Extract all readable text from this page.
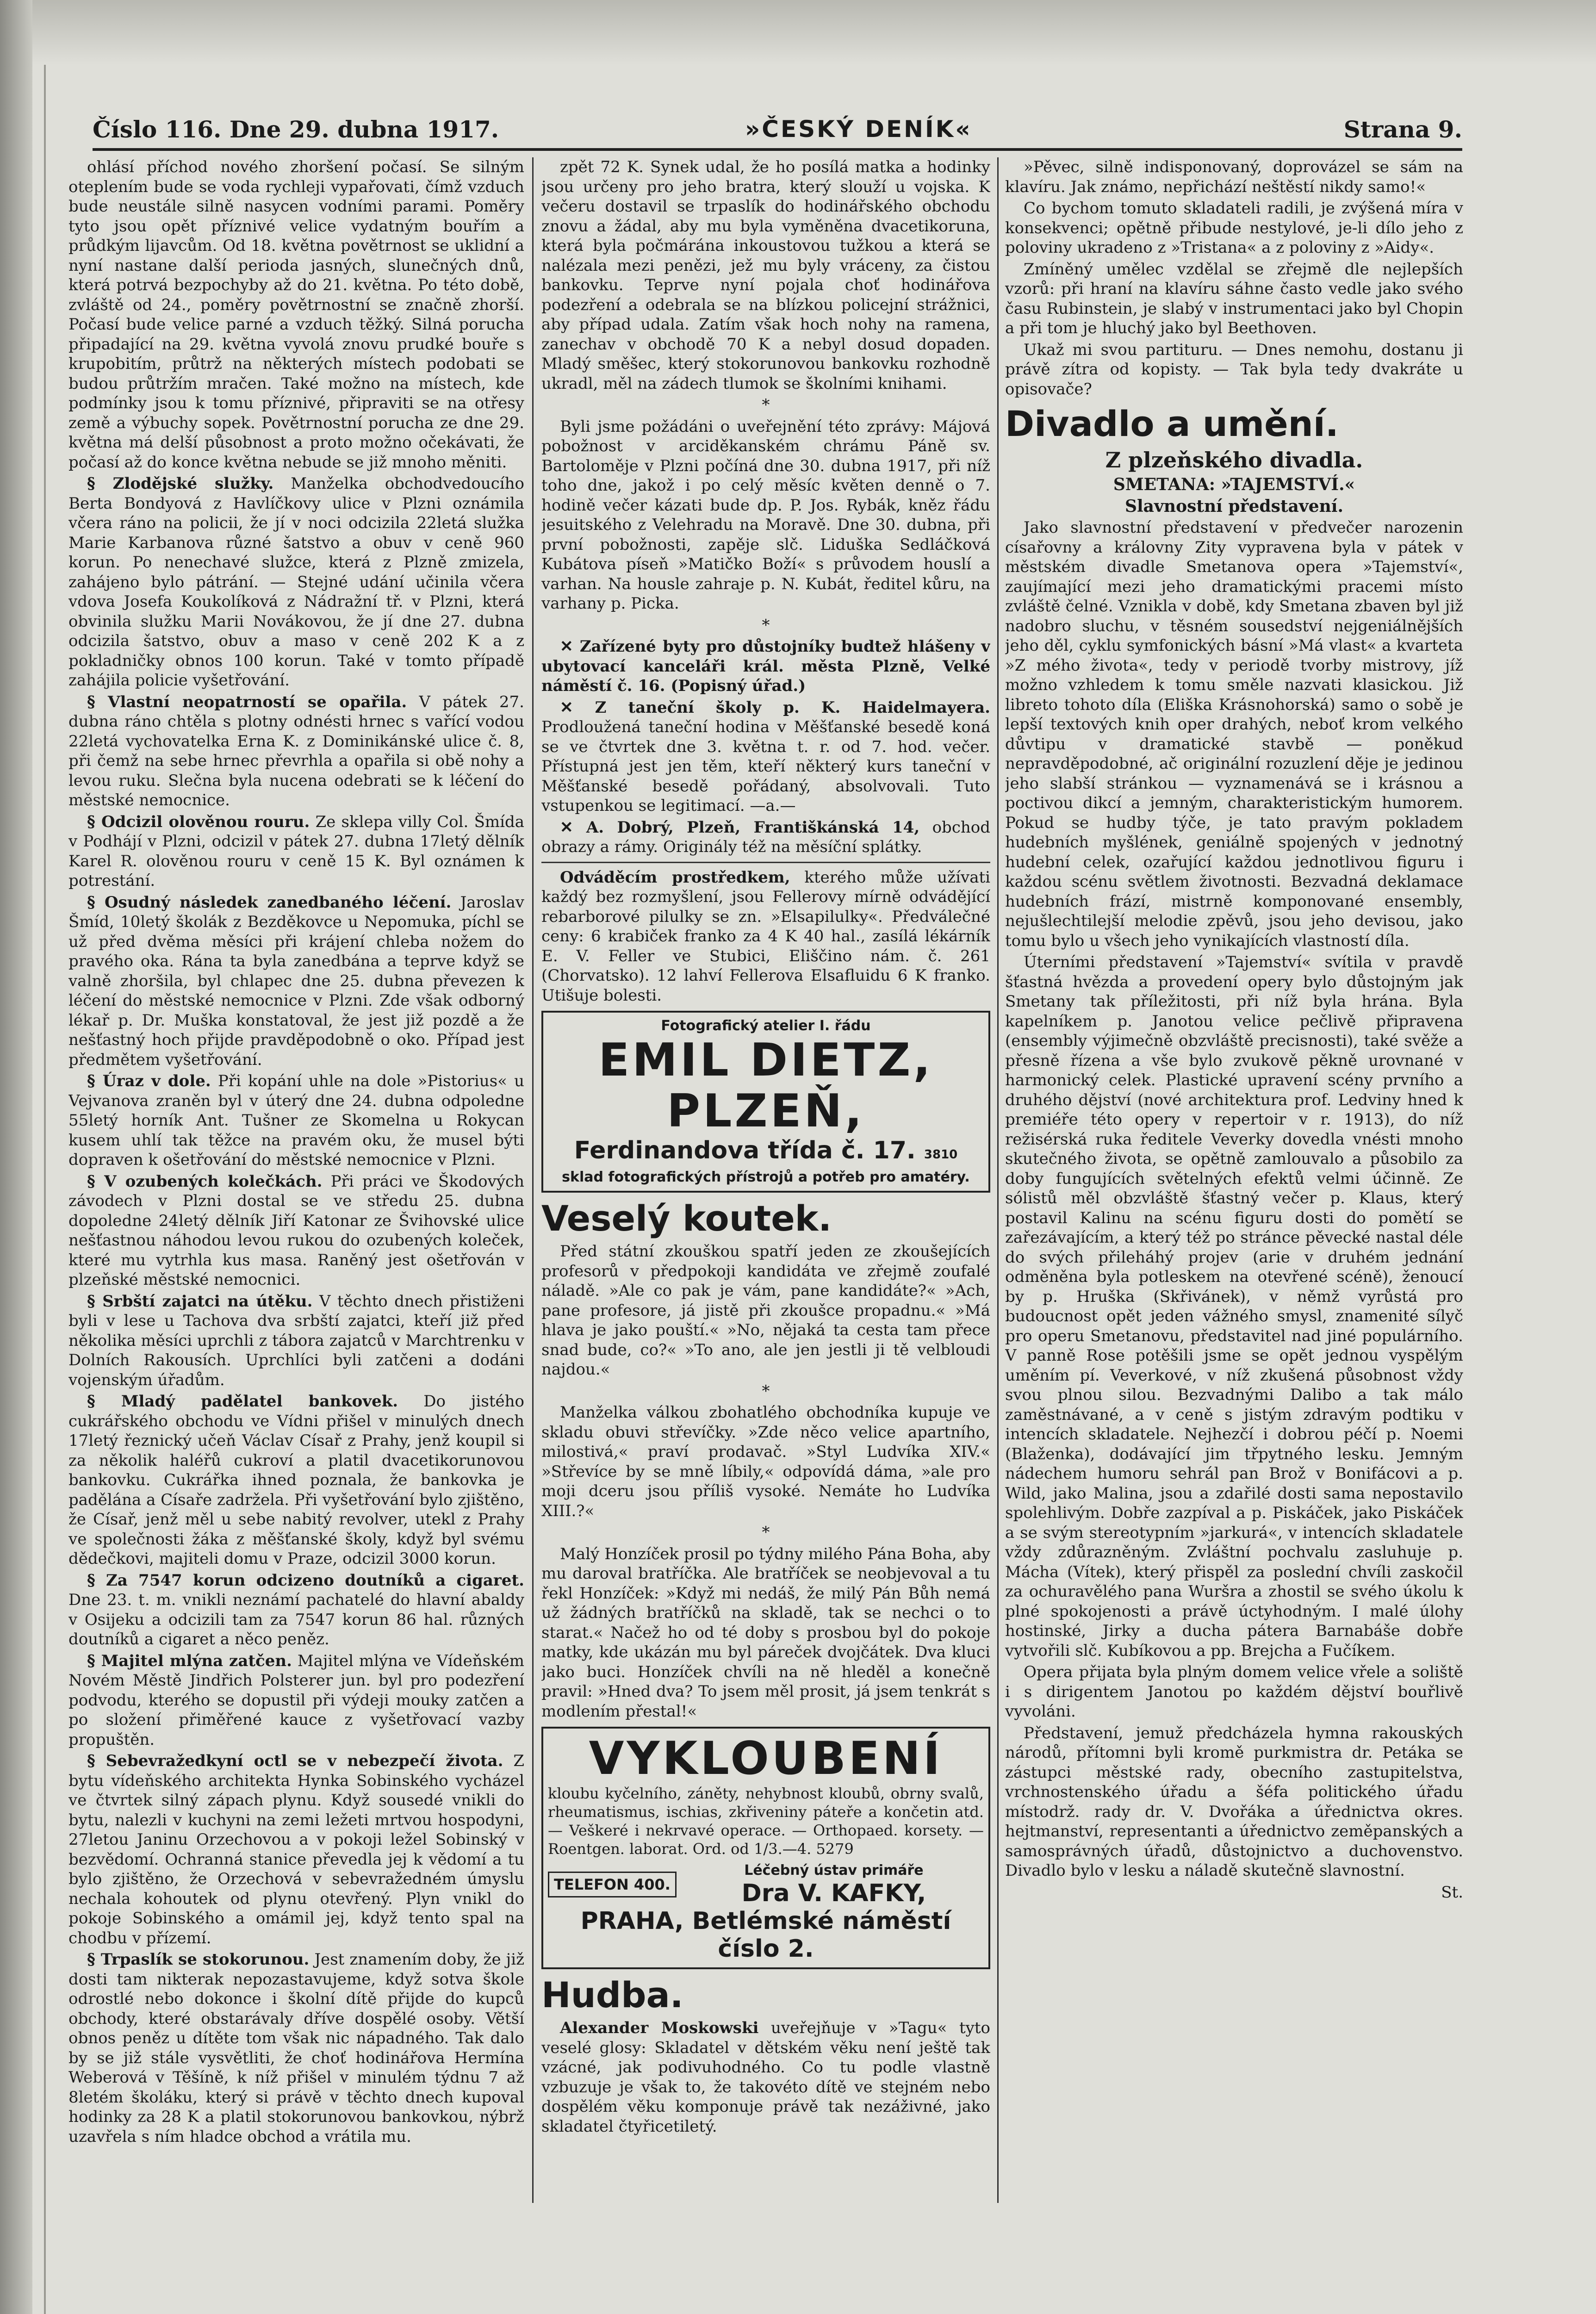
Číslo 116. Dne 29. dubna 1917.	»ČESKÝ DENÍK«	Strana 9.

ohlásí příchod nového zhoršení počasí. Se silným oteplením bude se voda rychleji vypařovati, čímž vzduch bude neustále silně nasycen vodními parami. Poměry tyto jsou opět příznivé velice vydatným bouřím a průdkým lijavcům. Od 18. května povětrnost se uklidní a nyní nastane další perioda jasných, slunečných dnů, která potrvá bezpochyby až do 21. května. Po této době, zvláště od 24., poměry povětrnostní se značně zhorší. Počasí bude velice parné a vzduch těžký. Silná porucha připadající na 29. května vyvolá znovu prudké bouře s krupobitím, průtrž na některých místech podobati se budou průtržím mračen. Také možno na místech, kde podmínky jsou k tomu příznivé, připraviti se na otřesy země a výbuchy sopek. Povětrnostní porucha ze dne 29. května má delší působnost a proto možno očekávati, že počasí až do konce května nebude se již mnoho měniti.

§ Zlodějské služky. Manželka obchodvedoucího Berta Bondyová z Havlíčkovy ulice v Plzni oznámila včera ráno na policii, že jí v noci odcizila 22letá služka Marie Karbanova různé šatstvo a obuv v ceně 960 korun. Po nenechavé služce, která z Plzně zmizela, zahájeno bylo pátrání. — Stejné udání učinila včera vdova Josefa Koukolíková z Nádražní tř. v Plzni, která obvinila služku Marii Novákovou, že jí dne 27. dubna odcizila šatstvo, obuv a maso v ceně 202 K a z pokladničky obnos 100 korun. Také v tomto případě zahájila policie vyšetřování.

§ Vlastní neopatrností se opařila. V pátek 27. dubna ráno chtěla s plotny odnésti hrnec s vařící vodou 22letá vychovatelka Erna K. z Dominikánské ulice č. 8, při čemž na sebe hrnec převrhla a opařila si obě nohy a levou ruku. Slečna byla nucena odebrati se k léčení do městské nemocnice.

§ Odcizil olověnou rouru. Ze sklepa villy Col. Šmída v Podhájí v Plzni, odcizil v pátek 27. dubna 17letý dělník Karel R. olověnou rouru v ceně 15 K. Byl oznámen k potrestání.

§ Osudný následek zanedbaného léčení. Jaroslav Šmíd, 10letý školák z Bezděkovce u Nepomuka, píchl se už před dvěma měsíci při krájení chleba nožem do pravého oka. Rána ta byla zanedbána a teprve když se valně zhoršila, byl chlapec dne 25. dubna převezen k léčení do městské nemocnice v Plzni. Zde však odborný lékař p. Dr. Muška konstatoval, že jest již pozdě a že nešťastný hoch přijde pravděpodobně o oko. Případ jest předmětem vyšetřování.

§ Úraz v dole. Při kopání uhle na dole »Pistorius« u Vejvanova zraněn byl v úterý dne 24. dubna odpoledne 55letý horník Ant. Tušner ze Skomelna u Rokycan kusem uhlí tak těžce na pravém oku, že musel býti dopraven k ošetřování do městské nemocnice v Plzni.

§ V ozubených kolečkách. Při práci ve Škodových závodech v Plzni dostal se ve středu 25. dubna dopoledne 24letý dělník Jiří Katonar ze Švihovské ulice nešťastnou náhodou levou rukou do ozubených koleček, které mu vytrhla kus masa. Raněný jest ošetřován v plzeňské městské nemocnici.

§ Srbští zajatci na útěku. V těchto dnech přistiženi byli v lese u Tachova dva srbští zajatci, kteří již před několika měsíci uprchli z tábora zajatců v Marchtrenku v Dolních Rakousích. Uprchlíci byli zatčeni a dodáni vojenským úřadům.

§ Mladý padělatel bankovek. Do jistého cukrářského obchodu ve Vídni přišel v minulých dnech 17letý řeznický učeň Václav Císař z Prahy, jenž koupil si za několik haléřů cukroví a platil dvacetikorunovou bankovku. Cukrářka ihned poznala, že bankovka je padělána a Císaře zadržela. Při vyšetřování bylo zjištěno, že Císař, jenž měl u sebe nabitý revolver, utekl z Prahy ve společnosti žáka z měšťanské školy, když byl svému dědečkovi, majiteli domu v Praze, odcizil 3000 korun.

§ Za 7547 korun odcizeno doutníků a cigaret. Dne 23. t. m. vnikli neznámí pachatelé do hlavní abaldy v Osijeku a odcizili tam za 7547 korun 86 hal. různých doutníků a cigaret a něco peněz.

§ Majitel mlýna zatčen. Majitel mlýna ve Vídeňském Novém Městě Jindřich Polsterer jun. byl pro podezření podvodu, kterého se dopustil při výdeji mouky zatčen a po složení přiměřené kauce z vyšetřovací vazby propuštěn.

§ Sebevražedkyní octl se v nebezpečí života. Z bytu vídeňského architekta Hynka Sobinského vycházel ve čtvrtek silný zápach plynu. Když sousedé vnikli do bytu, nalezli v kuchyni na zemi ležeti mrtvou hospodyni, 27letou Janinu Orzechovou a v pokoji ležel Sobinský v bezvědomí. Ochranná stanice převedla jej k vědomí a tu bylo zjištěno, že Orzechová v sebevražedném úmyslu nechala kohoutek od plynu otevřený. Plyn vnikl do pokoje Sobinského a omámil jej, když tento spal na chodbu v přízemí.

§ Trpaslík se stokorunou. Jest znamením doby, že již dosti tam nikterak nepozastavujeme, když sotva škole odrostlé nebo dokonce i školní dítě přijde do kupců obchody, které obstarávaly dříve dospělé osoby. Větší obnos peněz u dítěte tom však nic nápadného. Tak dalo by se již stále vysvětliti, že choť hodinářova Hermína Weberová v Těšíně, k níž přišel v minulém týdnu 7 až 8letém školáku, který si právě v těchto dnech kupoval hodinky za 28 K a platil stokorunovou bankovkou, nýbrž uzavřela s ním hladce obchod a vrátila mu.

zpět 72 K. Synek udal, že ho posílá matka a hodinky jsou určeny pro jeho bratra, který slouží u vojska. K večeru dostavil se trpaslík do hodinářského obchodu znovu a žádal, aby mu byla vyměněna dvacetikoruna, která byla počmárána inkoustovou tužkou a která se nalézala mezi penězi, jež mu byly vráceny, za čistou bankovku. Teprve nyní pojala choť hodinářova podezření a odebrala se na blízkou policejní strážnici, aby případ udala. Zatím však hoch nohy na ramena, zanechav v obchodě 70 K a nebyl dosud dopaden. Mladý směšec, který stokorunovou bankovku rozhodně ukradl, měl na zádech tlumok se školními knihami.

*

Byli jsme požádáni o uveřejnění této zprávy: Májová pobožnost v arciděkanském chrámu Páně sv. Bartoloměje v Plzni počíná dne 30. dubna 1917, při níž toho dne, jakož i po celý měsíc květen denně o 7. hodině večer kázati bude dp. P. Jos. Rybák, kněz řádu jesuitského z Velehradu na Moravě. Dne 30. dubna, při první pobožnosti, zapěje slč. Liduška Sedláčková Kubátova píseň »Matičko Boží« s průvodem houslí a varhan. Na housle zahraje p. N. Kubát, ředitel kůru, na varhany p. Picka.

*

✕ Zařízené byty pro důstojníky budtež hlášeny v ubytovací kanceláři král. města Plzně, Velké náměstí č. 16. (Popisný úřad.)

✕ Z taneční školy p. K. Haidelmayera. Prodloužená taneční hodina v Měšťanské besedě koná se ve čtvrtek dne 3. května t. r. od 7. hod. večer. Přístupná jest jen těm, kteří některý kurs taneční v Měšťanské besedě pořádaný, absolvovali. Tuto vstupenkou se legitimací. —a.—

✕ A. Dobrý, Plzeň, Františkánská 14, obchod obrazy a rámy. Originály též na měsíční splátky.

Odváděcím prostředkem, kterého může užívati každý bez rozmyšlení, jsou Fellerovy mírně odvádějící rebarborové pilulky se zn. »Elsapilulky«. Předválečné ceny: 6 krabiček franko za 4 K 40 hal., zasílá lékárník E. V. Feller ve Stubici, Eliščino nám. č. 261 (Chorvatsko). 12 lahví Fellerova Elsafluidu 6 K franko. Utišuje bolesti.

Fotografický atelier I. řádu
EMIL DIETZ, PLZEŇ,
Ferdinandova třída č. 17. 3810
sklad fotografických přístrojů a potřeb pro amatéry.
Veselý koutek.

Před státní zkouškou spatří jeden ze zkoušejících profesorů v předpokoji kandidáta ve zřejmě zoufalé náladě. »Ale co pak je vám, pane kandidáte?« »Ach, pane profesore, já jistě při zkoušce propadnu.« »Má hlava je jako pouští.« »No, nějaká ta cesta tam přece snad bude, co?« »To ano, ale jen jestli ji tě velbloudi najdou.«

*

Manželka válkou zbohatlého obchodníka kupuje ve skladu obuvi střevíčky. »Zde něco velice apartního, milostivá,« praví prodavač. »Styl Ludvíka XIV.« »Střevíce by se mně líbily,« odpovídá dáma, »ale pro moji dceru jsou příliš vysoké. Nemáte ho Ludvíka XIII.?«

*

Malý Honzíček prosil po týdny milého Pána Boha, aby mu daroval bratříčka. Ale bratříček se neobjevoval a tu řekl Honzíček: »Když mi nedáš, že milý Pán Bůh nemá už žádných bratříčků na skladě, tak se nechci o to starat.« Načež ho od té doby s prosbou byl do pokoje matky, kde ukázán mu byl páreček dvojčátek. Dva kluci jako buci. Honzíček chvíli na ně hleděl a konečně pravil: »Hned dva? To jsem měl prosit, já jsem tenkrát s modlením přestal!«

VYKLOUBENÍ
kloubu kyčelního, záněty, nehybnost kloubů, obrny svalů, rheumatismus, ischias, zkřiveniny páteře a končetin atd. — Veškeré i nekrvavé operace. — Orthopaed. korsety. — Roentgen. laborat. Ord. od 1/3.—4. 5279
TELEFON 400.
Léčebný ústav primáře
Dra V. KAFKY,
PRAHA, Betlémské náměstí číslo 2.
Hudba.

Alexander Moskowski uveřejňuje v »Tagu« tyto veselé glosy: Skladatel v dětském věku není ještě tak vzácné, jak podivuhodného. Co tu podle vlastně vzbuzuje je však to, že takovéto dítě ve stejném nebo dospělém věku komponuje právě tak nezáživné, jako skladatel čtyřicetiletý.

»Pěvec, silně indisponovaný, doprovázel se sám na klavíru. Jak známo, nepřichází neštěstí nikdy samo!«

Co bychom tomuto skladateli radili, je zvýšená míra v konsekvenci; opětně přibude nestylové, je-li dílo jeho z poloviny ukradeno z »Tristana« a z poloviny z »Aidy«.

Zmíněný umělec vzdělal se zřejmě dle nejlepších vzorů: při hraní na klavíru sáhne často vedle jako svého času Rubinstein, je slabý v instrumentaci jako byl Chopin a při tom je hluchý jako byl Beethoven.

Ukaž mi svou partituru. — Dnes nemohu, dostanu ji právě zítra od kopisty. — Tak byla tedy dvakráte u opisovače?

Divadlo a umění.

Z plzeňského divadla.

SMETANA: »TAJEMSTVÍ.«

Slavnostní představení.

Jako slavnostní představení v předvečer narozenin císařovny a královny Zity vypravena byla v pátek v městském divadle Smetanova opera »Tajemství«, zaujímající mezi jeho dramatickými pracemi místo zvláště čelné. Vznikla v době, kdy Smetana zbaven byl již nadobro sluchu, v těsném sousedství nejgeniálnějších jeho děl, cyklu symfonických básní »Má vlast« a kvarteta »Z mého života«, tedy v periodě tvorby mistrovy, jíž možno vzhledem k tomu směle nazvati klasickou. Již libreto tohoto díla (Eliška Krásnohorská) samo o sobě je lepší textových knih oper drahých, neboť krom velkého důvtipu v dramatické stavbě — poněkud nepravděpodobné, ač originální rozuzlení děje je jedinou jeho slabší stránkou — vyznamenává se i krásnou a poctivou dikcí a jemným, charakteristickým humorem. Pokud se hudby týče, je tato pravým pokladem hudebních myšlének, geniálně spojených v jednotný hudební celek, ozařující každou jednotlivou figuru i každou scénu světlem životnosti. Bezvadná deklamace hudebních frází, mistrně komponované ensembly, nejušlechtilejší melodie zpěvů, jsou jeho devisou, jako tomu bylo u všech jeho vynikajících vlastností díla.

Úterními představení »Tajemství« svítila v pravdě šťastná hvězda a provedení opery bylo důstojným jak Smetany tak příležitosti, při níž byla hrána. Byla kapelníkem p. Janotou velice pečlivě připravena (ensembly výjimečně obzvláště precisnosti), také svěže a přesně řízena a vše bylo zvukově pěkně urovnané v harmonický celek. Plastické upravení scény prvního a druhého dějství (nové architektura prof. Ledviny hned k premiéře této opery v repertoir v r. 1913), do níž režisérská ruka ředitele Veverky dovedla vnésti mnoho skutečného života, se opětně zamlouvalo a působilo za doby fungujících světelných efektů velmi účinně. Ze sólistů měl obzvláště šťastný večer p. Klaus, který postavil Kalinu na scénu figuru dosti do pomětí se zařezávajícím, a který též po stránce pěvecké nastal déle do svých přileháhý projev (arie v druhém jednání odměněna byla potleskem na otevřené scéně), ženoucí by p. Hruška (Skřivánek), v němž vyrůstá pro budoucnost opět jeden vážného smysl, znamenité sílyč pro operu Smetanovu, představitel nad jiné populárního. V panně Rose potěšili jsme se opět jednou vyspělým uměním pí. Veverkové, v níž zkušená působnost vždy svou plnou silou. Bezvadnými Dalibo a tak málo zaměstnávané, a v ceně s jistým zdravým podtiku v intencích skladatele. Nejhezčí i dobrou péčí p. Noemi (Blaženka), dodávající jim třpytného lesku. Jemným nádechem humoru sehrál pan Brož v Bonifácovi a p. Wild, jako Malina, jsou a zdařilé dosti sama nepostavilo spolehlivým. Dobře zazpíval a p. Piskáček, jako Piskáček a se svým stereotypním »jarkurá«, v intencích skladatele vždy zdůrazněným. Zvláštní pochvalu zasluhuje p. Mácha (Vítek), který přispěl za poslední chvíli zaskočil za ochuravělého pana Wuršra a zhostil se svého úkolu k plné spokojenosti a právě úctyhodným. I malé úlohy hostinské, Jirky a ducha pátera Barnabáše dobře vytvořili slč. Kubíkovou a pp. Brejcha a Fučíkem.

Opera přijata byla plným domem velice vřele a soliště i s dirigentem Janotou po každém dějství bouřlivě vyvoláni.

Představení, jemuž předcházela hymna rakouských národů, přítomni byli kromě purkmistra dr. Petáka se zástupci městské rady, obecního zastupitelstva, vrchnostenského úřadu a šéfa politického úřadu místodrž. rady dr. V. Dvořáka a úřednictva okres. hejtmanství, representanti a úřednictvo zeměpanských a samosprávných úřadů, důstojnictvo a duchovenstvo. Divadlo bylo v lesku a náladě skutečně slavnostní.

St.
